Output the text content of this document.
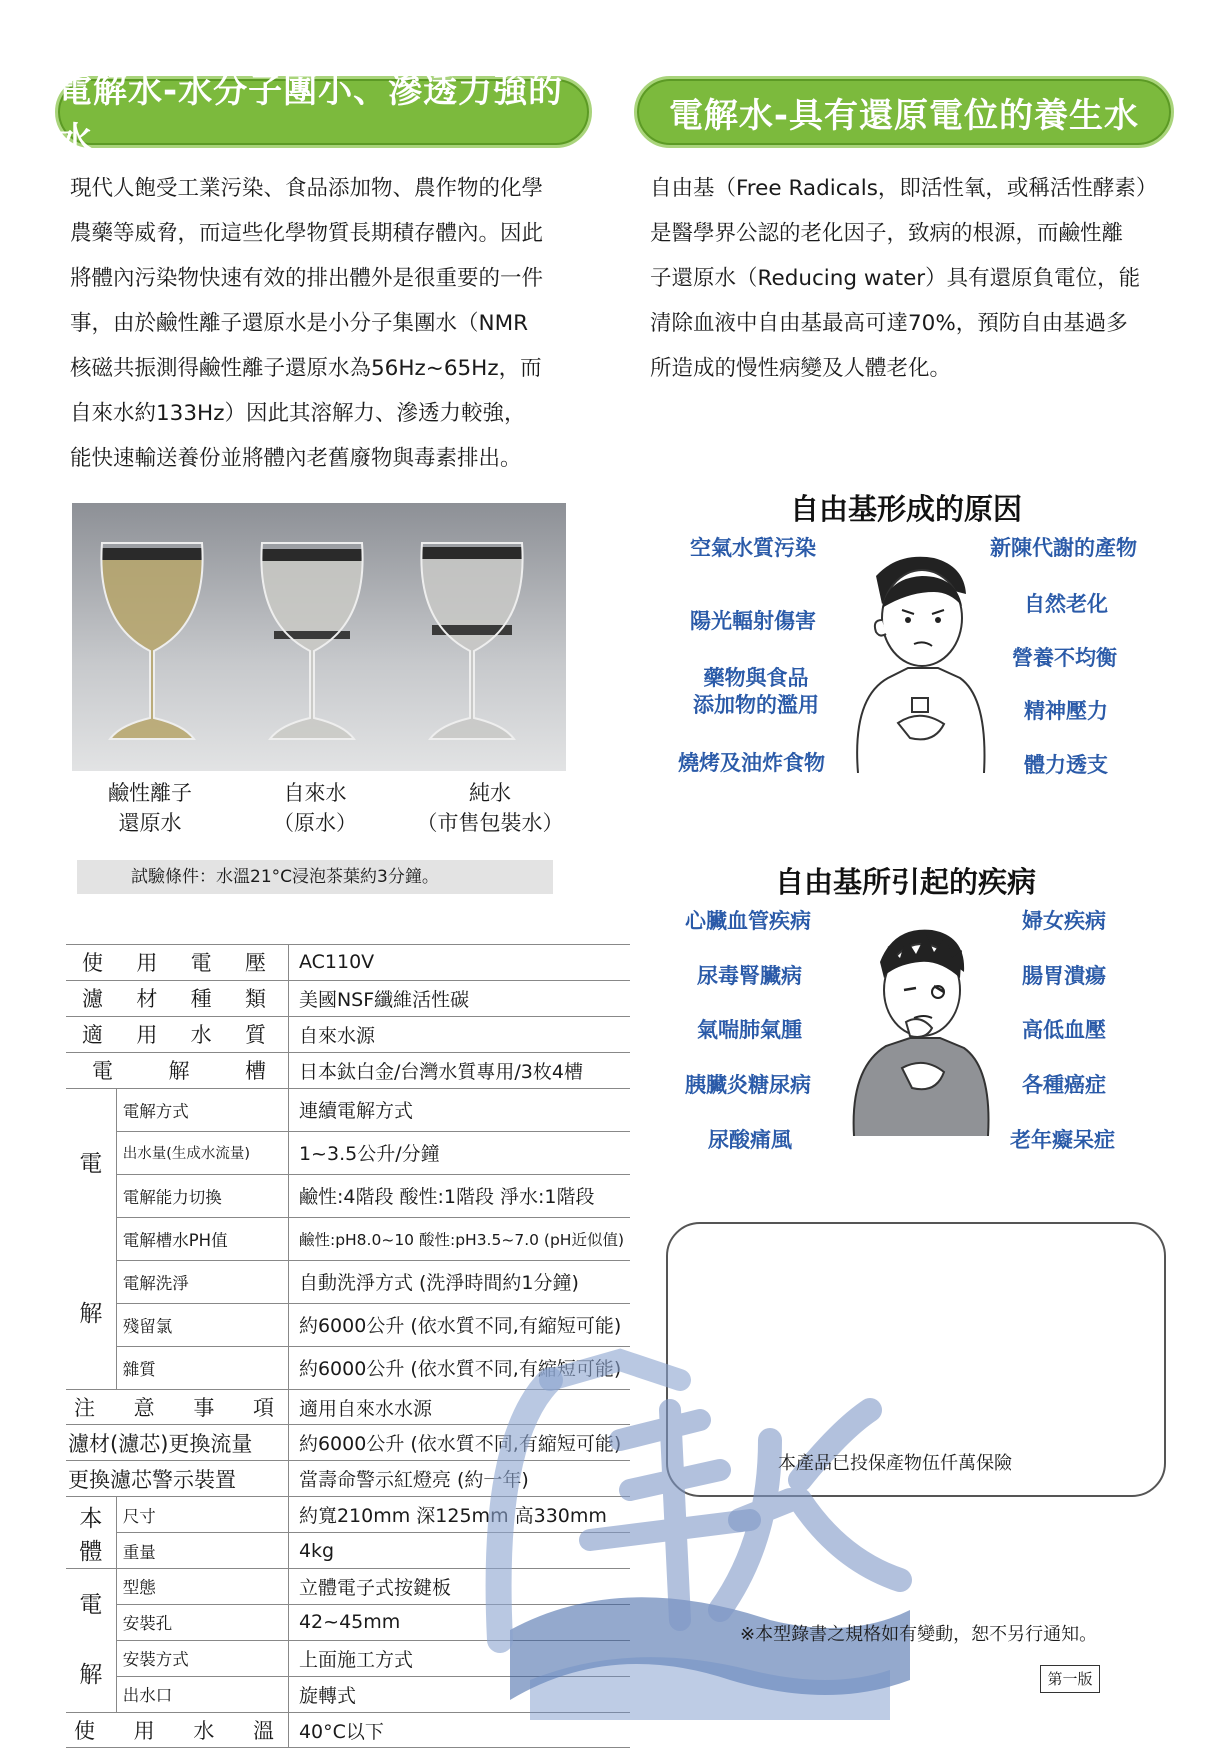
電解水-水分子團小、滲透力強的水
電解水-具有還原電位的養生水

現代人飽受工業污染、食品添加物、農作物的化學

農藥等威脅，而這些化學物質長期積存體內。因此

將體內污染物快速有效的排出體外是很重要的一件

事，由於鹼性離子還原水是小分子集團水（NMR

核磁共振測得鹼性離子還原水為56Hz~65Hz，而

自來水約133Hz）因此其溶解力、滲透力較強，

能快速輸送養份並將體內老舊廢物與毒素排出。

自由基（Free Radicals，即活性氧，或稱活性酵素）

是醫學界公認的老化因子，致病的根源，而鹼性離

子還原水（Reducing water）具有還原負電位，能

清除血液中自由基最高可達70%，預防自由基過多

所造成的慢性病變及人體老化。

鹼性離子
還原水
自來水
（原水）
純水
（市售包裝水）
試驗條件：水溫21°C浸泡茶葉約3分鐘。
使 用 電 壓		AC110V

濾 材 種 類		美國NSF纖維活性碳

適 用 水 質		自來水源

電 解 槽		日本鈦白金/台灣水質專用/3枚4槽

電
解	電解方式	連續電解方式
	出水量(生成水流量)	1~3.5公升/分鐘
	電解能力切換	鹼性:4階段 酸性:1階段 淨水:1階段
	電解槽水PH值	鹼性:pH8.0~10 酸性:pH3.5~7.0 (pH近似值)
	電解洗淨	自動洗淨方式 (洗淨時間約1分鐘)
	殘留氯	約6000公升 (依水質不同,有縮短可能)
	雜質	約6000公升 (依水質不同,有縮短可能)

注 意 事 項		適用自來水水源
濾材(濾芯)更換流量		約6000公升 (依水質不同,有縮短可能)
更換濾芯警示裝置		當壽命警示紅燈亮 (約一年)

本
體	尺寸	約寬210mm 深125mm 高330mm
	重量	4kg

電
解	型態	立體電子式按鍵板
	安裝孔	42~45mm
	安裝方式	上面施工方式
	出水口	旋轉式

使 用 水 溫		40°C以下
自由基形成的原因
空氣水質污染
陽光輻射傷害
藥物與食品
添加物的濫用
燒烤及油炸食物
新陳代謝的產物
自然老化
營養不均衡
精神壓力
體力透支
自由基所引起的疾病
心臟血管疾病
尿毒腎臟病
氣喘肺氣腫
胰臟炎糖尿病
尿酸痛風
婦女疾病
腸胃潰瘍
高低血壓
各種癌症
老年癡呆症
本產品已投保產物伍仟萬保險
※本型錄書之規格如有變動，恕不另行通知。
第一版
